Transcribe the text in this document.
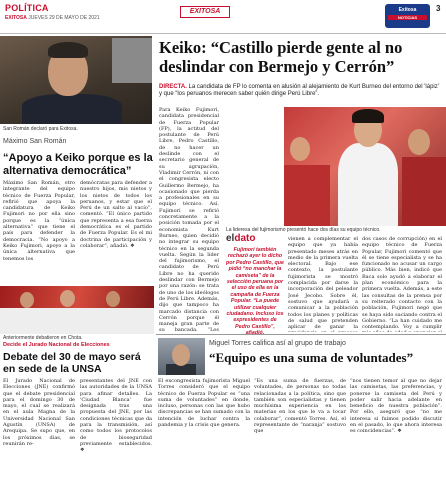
POLÍTICA
EXITOSA JUEVES 29 DE MAYO DE 2021
EXITOSA	Exitosa
NOTICIAS
3
San Román declaró para Exitosa.
Máximo San Román
“Apoyo a Keiko porque es la alternativa democrática”
Máximo San Román, otro integrante del equipo técnico de Fuerza Popular, refirió que apoya la candidatura de Keiko Fujimori no por ella sino porque es la “única alternativa” que tiene el país para defender la democracia. “No apoyo a Keiko Fujimori, apoyo a la única alternativa que tenemos los
demócratas para defender a nuestro hijos, mis nietos y los nietos de todos los peruanos, y estar que el Perú de un salto al vacío”, comentó. “El único partido que representa a esa fuerza democrática es el partido de Fuerza Popular. Es el mi doctrina de participación y colaborar”, añadió. ❖
Keiko: “Castillo pierde gente al no deslindar con Bermejo y Cerrón”
DIRECTA. La candidata de FP lo comenta en alusión al alejamiento de Kurt Burneo del entorno del 'lápiz' y que “los peruanos merecen saber quién dirige Perú Libre”.
Para Keiko Fujimori, candidata presidencial de Fuerza Popular (FP), la actitud del postulante de Perú Libre, Pedro Castillo, de no hacer un deslinde con el secretario general de su agrupación, Vladimir Cerrón, ni con el congresista electo Guillermo Bermejo, ha ocasionado que pierda a profesionales en su equipo técnico. Así, Fujimori se refirió concretamente a la posición tomada por el economista Kurt Burneo, quien decidió no integrar su equipo técnico en la segunda vuelta. Según la líder del fujimorismo, el candidato de Perú Libre no ha querido deslindar con Bermejo por una razón: se trata de uno de los ideólogos de Perú Libre. Además, dijo que tampoco ha marcado distancia con Cerrón porque él maneja gran parte de su bancada. “Los
La lideresa del fujimorismo presentó hace dos días su equipo técnico.
eldato
Fujimori también rechazó ayer lo dicho por Pedro Castillo, que pidió “no manchar la camiseta” de la selección peruana por el uso de ella en la campaña de Fuerza Popular. “La puede utilizar cualquier ciudadano. Incluso los expresidentes de Pedro Castillo”,
vienen a complementar el equipo que ya había presentado meses atrás en medio de la primera vuelta electoral. Bajo ese contexto, la postulante fujimorista se mostró complacida por darse la incorporación del peleador José Jecobo. Sobre él, sostuvo que ayudará a comunicar a la población todos los planes y políticas de salud que pretenden aplicar de ganar la
dos casos de corrupción) en el equipo técnico de Fuerza Popular, Fujimori comentó que él se tiene especialista y se ha funcionado no acusar un cargo público. Más bien, indicó que Baca solo ayudó a elaborar el plan económico para la primera vuelta. Además, a este las consultas de la prensa por su reiterado contacto con la población, Fujimori negó que se haya sido saciando contra el Gobierno. “La han cuidado me contemplando. Voy a cumplir
Anteriormente debatieron en Chota.
Decide el Jurado Nacional de Elecciones
Debate del 30 de mayo será en sede de la UNSA
El Jurado Nacional de Elecciones (JNE) confirmó que el debate presidencial para el domingo 30 de mayo, el cual se realizará en el aula Magna de la Universidad Nacional San Agustín (UNSA) de Arequipa. Se supo que, en los próximos días, se reunirán re-
presentantes del JNE con las autoridades de la UNSA para afinar detalles. La 'Ciudad Blanca' fue designada tras una propuesta del JNE, por las condiciones técnicas que da para la transmisión, así como todos los protocolos de bioseguridad previamente establecidos. ❖
Miguel Torres califica así al grupo de trabajo
“Equipo es una suma de voluntades”
El excongresista fujimorista Miguel Torres consideró que el equipo técnico de Fuerza Popular es “una suma de voluntades” en donde, incluso, personas con las que hubo discrepancias se han sumado con la intención de luchar contra la pandemia y la crisis que genera.
“Es una suma de fuerzas, de voluntades, de personas no todas relacionadas a la política, sino que también son especialistas y tienen muchísima experiencia en los materias en los que le va a tocar colaborar”, comentó Torres. Así, el representante de “naranja” sostuvo que
“nos tienen temor al que no dejar las camisetas, las preferencias, y ponerse la camiseta del Perú y poder salir hacia adelante en beneficio de nuestra población”. Por ello, aseguró que “no me interesa si fuimos podido discutir en el pasado, lo que ahora interesa es coincidencias”. ❖
